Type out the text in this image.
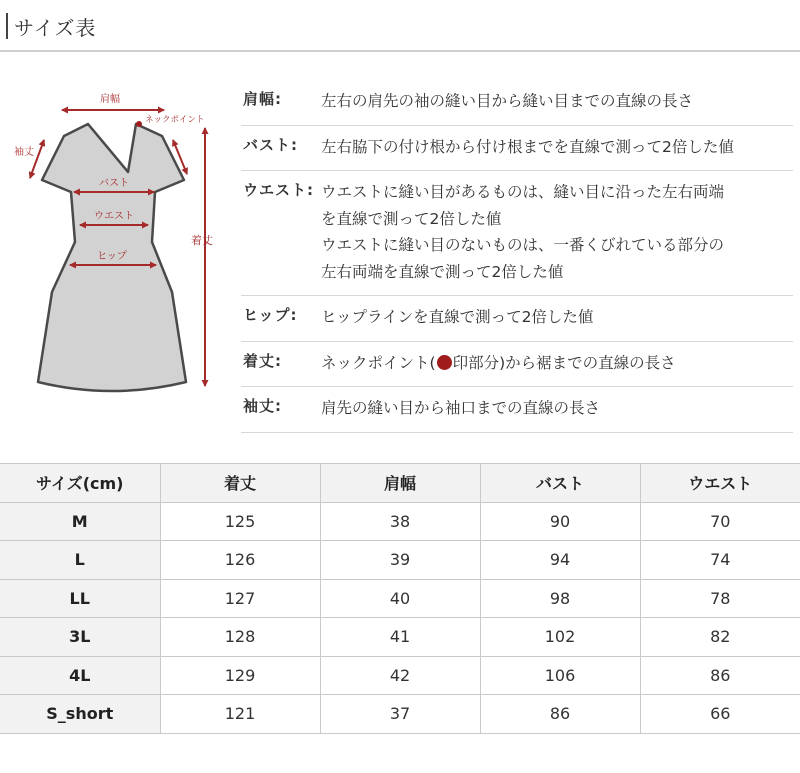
サイズ表
肩幅
ネックポイント
袖丈
バスト
ウエスト
ヒップ
着丈
肩幅:	左右の肩先の袖の縫い目から縫い目までの直線の長さ
バスト: 左右脇下の付け根から付け根までを直線で測って2倍した値
ウエスト: ウエストに縫い目があるものは、縫い目に沿った左右両端
を直線で測って2倍した値
ウエストに縫い目のないものは、一番くびれている部分の
左右両端を直線で測って2倍した値
ヒップ: ヒップラインを直線で測って2倍した値
着丈:	ネックポイント( 印部分)から裾までの直線の長さ
袖丈:	肩先の縫い目から袖口までの直線の長さ
サイズ(cm)	着丈	肩幅	バスト	ウエスト
M	125	38	90	70
L	126	39	94	74
LL	127	40	98	78
3L	128	41	102	82
4L	129	42	106	86
S_short	121	37	86	66
